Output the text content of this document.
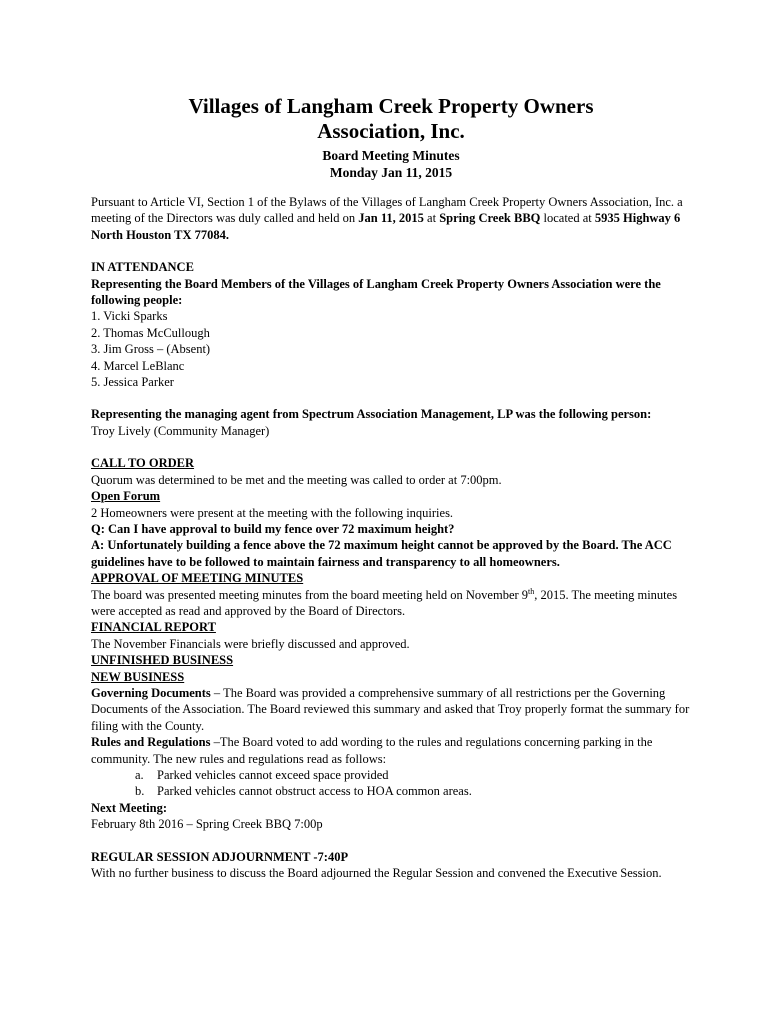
Villages of Langham Creek Property Owners
Association, Inc.

Board Meeting Minutes

Monday Jan 11, 2015

Pursuant to Article VI, Section 1 of the Bylaws of the Villages of Langham Creek Property Owners Association, Inc. a meeting of the Directors was duly called and held on Jan 11, 2015 at Spring Creek BBQ located at 5935 Highway 6 North Houston TX 77084.

IN ATTENDANCE

Representing the Board Members of the Villages of Langham Creek Property Owners Association were the following people:

1. Vicki Sparks
2. Thomas McCullough
3. Jim Gross – (Absent)
4. Marcel LeBlanc
5. Jessica Parker

Representing the managing agent from Spectrum Association Management, LP was the following person:

Troy Lively (Community Manager)

CALL TO ORDER

Quorum was determined to be met and the meeting was called to order at 7:00pm.

Open Forum

2 Homeowners were present at the meeting with the following inquiries.

Q: Can I have approval to build my fence over 72 maximum height?

A: Unfortunately building a fence above the 72 maximum height cannot be approved by the Board. The ACC guidelines have to be followed to maintain fairness and transparency to all homeowners.

APPROVAL OF MEETING MINUTES

The board was presented meeting minutes from the board meeting held on November 9th, 2015. The meeting minutes were accepted as read and approved by the Board of Directors.

FINANCIAL REPORT

The November Financials were briefly discussed and approved.

UNFINISHED BUSINESS

NEW BUSINESS

Governing Documents – The Board was provided a comprehensive summary of all restrictions per the Governing Documents of the Association. The Board reviewed this summary and asked that Troy properly format the summary for filing with the County.

Rules and Regulations –The Board voted to add wording to the rules and regulations concerning parking in the community. The new rules and regulations read as follows:

a. Parked vehicles cannot exceed space provided
b. Parked vehicles cannot obstruct access to HOA common areas.

Next Meeting:

February 8th 2016 – Spring Creek BBQ 7:00p

REGULAR SESSION ADJOURNMENT -7:40P

With no further business to discuss the Board adjourned the Regular Session and convened the Executive Session.
